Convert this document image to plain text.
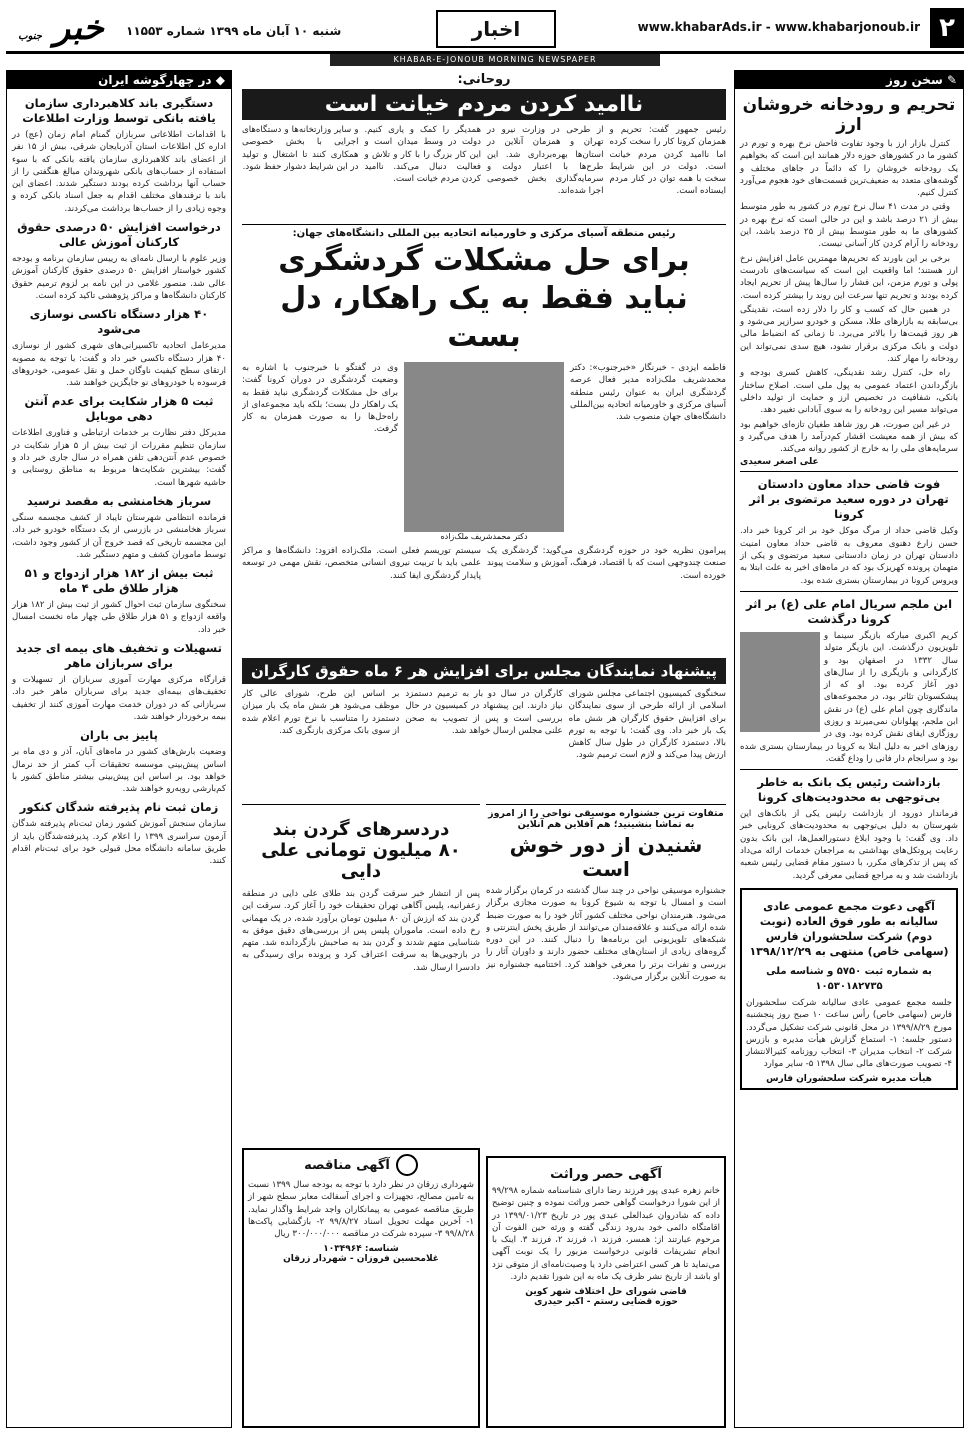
۲
www.khabarAds.ir - www.khabarjonoub.ir
اخبار
شنبه ۱۰ آبان ماه ۱۳۹۹ شماره ۱۱۵۵۳
خبر جنوب
KHABAR-E-JONOUB MORNING NEWSPAPER
✎ سخن روز
تحریم و رودخانه خروشان ارز

کنترل بازار ارز با وجود تفاوت فاحش نرخ بهره و تورم در کشور ما در کشورهای حوزه دلار همانند این است که بخواهیم یک رودخانه خروشان را که دائماً در جاهای مختلف و گوشه‌های متعدد به ضعیف‌ترین قسمت‌های خود هجوم می‌آورد کنترل کنیم.

وقتی در مدت ۴۱ سال نرخ تورم در کشور به طور متوسط بیش از ۲۱ درصد باشد و این در حالی است که نرخ بهره در کشورهای ما به طور متوسط بیش از ۲۵ درصد باشد، این رودخانه را آرام کردن کار آسانی نیست.

برخی بر این باورند که تحریم‌ها مهمترین عامل افزایش نرخ ارز هستند؛ اما واقعیت این است که سیاست‌های نادرست پولی و تورم مزمن، این فشار را سال‌ها پیش از تحریم ایجاد کرده بودند و تحریم تنها سرعت این روند را بیشتر کرده است.

در همین حال که کسب و کار را دلار زده است، نقدینگی بی‌سابقه به بازارهای طلا، مسکن و خودرو سرازیر می‌شود و هر روز قیمت‌ها را بالاتر می‌برد. تا زمانی که انضباط مالی دولت و بانک مرکزی برقرار نشود، هیچ سدی نمی‌تواند این رودخانه را مهار کند.

راه حل، کنترل رشد نقدینگی، کاهش کسری بودجه و بازگرداندن اعتماد عمومی به پول ملی است. اصلاح ساختار بانکی، شفافیت در تخصیص ارز و حمایت از تولید داخلی می‌تواند مسیر این رودخانه را به سوی آبادانی تغییر دهد.

در غیر این صورت، هر روز شاهد طغیان تازه‌ای خواهیم بود که بیش از همه معیشت اقشار کم‌درآمد را هدف می‌گیرد و سرمایه‌های ملی را به خارج از کشور روانه می‌کند.

علی اصغر سعیدی
فوت قاضی حداد معاون دادستان تهران در دوره سعید مرتضوی بر اثر کرونا
وکیل قاضی حداد از مرگ موکل خود بر اثر کرونا خبر داد. حسن زارع دهنوی معروف به قاضی حداد معاون امنیت دادستان تهران در زمان دادستانی سعید مرتضوی و یکی از متهمان پرونده کهریزک بود که در ماه‌های اخیر به علت ابتلا به ویروس کرونا در بیمارستان بستری شده بود.
ابن ملجم سریال امام علی (ع) بر اثر کرونا درگذشت
کریم اکبری مبارکه بازیگر سینما و تلویزیون درگذشت. این بازیگر متولد سال ۱۳۳۲ در اصفهان بود و کارگردانی و بازیگری را از سال‌های دور آغاز کرده بود. او که از پیشکسوتان تئاتر بود، در مجموعه‌های ماندگاری چون امام علی (ع) در نقش ابن ملجم، پهلوانان نمی‌میرند و روزی روزگاری ایفای نقش کرده بود. وی در روزهای اخیر به دلیل ابتلا به کرونا در بیمارستان بستری شده بود و سرانجام دار فانی را وداع گفت.
بازداشت رئیس یک بانک به خاطر بی‌توجهی به محدودیت‌های کرونا
فرماندار دورود از بازداشت رئیس یکی از بانک‌های این شهرستان به دلیل بی‌توجهی به محدودیت‌های کرونایی خبر داد. وی گفت: با وجود ابلاغ دستورالعمل‌ها، این بانک بدون رعایت پروتکل‌های بهداشتی به مراجعان خدمات ارائه می‌داد که پس از تذکرهای مکرر، با دستور مقام قضایی رئیس شعبه بازداشت شد و به مراجع قضایی معرفی گردید.
آگهی دعوت مجمع عمومی عادی سالیانه به طور فوق العاده (نوبت دوم) شرکت سلحشوران فارس (سهامی خاص) منتهی به ۱۳۹۸/۱۲/۲۹
به شماره ثبت ۵۷۵۰ و شناسه ملی ۱۰۵۳۰۱۸۲۷۳۵
جلسه مجمع عمومی عادی سالیانه شرکت سلحشوران فارس (سهامی خاص) رأس ساعت ۱۰ صبح روز پنجشنبه مورخ ۱۳۹۹/۸/۲۹ در محل قانونی شرکت تشکیل می‌گردد. دستور جلسه: ۱- استماع گزارش هیأت مدیره و بازرس شرکت ۲- انتخاب مدیران ۳- انتخاب روزنامه کثیرالانتشار ۴- تصویب صورت‌های مالی سال ۱۳۹۸ ۵- سایر موارد
هیأت مدیره شرکت سلحشوران فارس
روحانی:
ناامید کردن مردم خیانت است
رئیس جمهور گفت: تحریم و همزمان کرونا کار را سخت کرده اما ناامید کردن مردم خیانت است. دولت در این شرایط سخت با همه توان در کنار مردم ایستاده است.
از طرحی در وزارت نیرو در تهران و همزمان آنلاین در استان‌ها بهره‌برداری شد. این طرح‌ها با اعتبار دولت و سرمایه‌گذاری بخش خصوصی اجرا شده‌اند.
همدیگر را کمک و یاری کنیم. دولت در وسط میدان است و این کار بزرگ را با کار و تلاش و فعالیت دنبال می‌کند. ناامید کردن مردم خیانت است.
و سایر وزارتخانه‌ها و دستگاه‌های اجرایی با بخش خصوصی همکاری کنند تا اشتغال و تولید در این شرایط دشوار حفظ شود.
رئیس منطقه آسیای مرکزی و خاورمیانه اتحادیه بین المللی دانشگاه‌های جهان:
برای حل مشکلات گردشگری
نباید فقط به یک راهکار، دل بست
فاطمه ایزدی - خبرنگار «خبرجنوب»: دکتر محمدشریف ملک‌زاده مدیر فعال عرصه گردشگری ایران به عنوان رئیس منطقه آسیای مرکزی و خاورمیانه اتحادیه بین‌المللی دانشگاه‌های جهان منصوب شد.
دکتر محمدشریف ملک‌زاده
وی در گفتگو با خبرجنوب با اشاره به وضعیت گردشگری در دوران کرونا گفت: برای حل مشکلات گردشگری نباید فقط به یک راهکار دل بست؛ بلکه باید مجموعه‌ای از راه‌حل‌ها را به صورت همزمان به کار گرفت.
پیرامون نظریه خود در حوزه گردشگری می‌گوید: گردشگری یک صنعت چندوجهی است که با اقتصاد، فرهنگ، آموزش و سلامت پیوند خورده است.
سیستم توریسم فعلی است. ملک‌زاده افزود: دانشگاه‌ها و مراکز علمی باید با تربیت نیروی انسانی متخصص، نقش مهمی در توسعه پایدار گردشگری ایفا کنند.
پیشنهاد نمایندگان مجلس برای افزایش هر ۶ ماه حقوق کارگران
سخنگوی کمیسیون اجتماعی مجلس شورای اسلامی از ارائه طرحی از سوی نمایندگان برای افزایش حقوق کارگران هر شش ماه یک بار خبر داد. وی گفت: با توجه به تورم بالا، دستمزد کارگران در طول سال کاهش ارزش پیدا می‌کند و لازم است ترمیم شود.
کارگران در سال دو بار به ترمیم دستمزد نیاز دارند. این پیشنهاد در کمیسیون در حال بررسی است و پس از تصویب به صحن علنی مجلس ارسال خواهد شد.
بر اساس این طرح، شورای عالی کار موظف می‌شود هر شش ماه یک بار میزان دستمزد را متناسب با نرخ تورم اعلام شده از سوی بانک مرکزی بازنگری کند.
متفاوت ترین جشنواره موسیقی نواحی را از امروز به تماشا بنشینید؛ هم آفلاین هم آنلاین
شنیدن از دور خوش است
جشنواره موسیقی نواحی در چند سال گذشته در کرمان برگزار شده است و امسال با توجه به شیوع کرونا به صورت مجازی برگزار می‌شود. هنرمندان نواحی مختلف کشور آثار خود را به صورت ضبط شده ارائه می‌کنند و علاقه‌مندان می‌توانند از طریق پخش اینترنتی و شبکه‌های تلویزیونی این برنامه‌ها را دنبال کنند. در این دوره گروه‌های زیادی از استان‌های مختلف حضور دارند و داوران آثار را بررسی و نفرات برتر را معرفی خواهند کرد. اختتامیه جشنواره نیز به صورت آنلاین برگزار می‌شود.
دردسرهای گردن بند
۸۰ میلیون تومانی علی دایی
پس از انتشار خبر سرقت گردن بند طلای علی دایی در منطقه زعفرانیه، پلیس آگاهی تهران تحقیقات خود را آغاز کرد. سرقت این گردن بند که ارزش آن ۸۰ میلیون تومان برآورد شده، در یک مهمانی رخ داده است. ماموران پلیس پس از بررسی‌های دقیق موفق به شناسایی متهم شدند و گردن بند به صاحبش بازگردانده شد. متهم در بازجویی‌ها به سرقت اعتراف کرد و پرونده برای رسیدگی به دادسرا ارسال شد.
آگهی حصر وراثت
خانم زهره عبدی پور فرزند رضا دارای شناسنامه شماره ۹۹/۲۹۸ از این شورا درخواست گواهی حصر وراثت نموده و چنین توضیح داده که شادروان عبدالعلی عبدی پور در تاریخ ۱۳۹۹/۰۱/۲۳ در اقامتگاه دائمی خود بدرود زندگی گفته و ورثه حین الفوت آن مرحوم عبارتند از: همسر، فرزند ۱، فرزند ۲، فرزند ۳. اینک با انجام تشریفات قانونی درخواست مزبور را یک نوبت آگهی می‌نماید تا هر کسی اعتراضی دارد یا وصیت‌نامه‌ای از متوفی نزد او باشد از تاریخ نشر ظرف یک ماه به این شورا تقدیم دارد.
قاضی شورای حل اختلاف شهر کوین
حوزه قضایی رستم - اکبر حیدری
آگهی مناقصه
شهرداری زرقان در نظر دارد با توجه به بودجه سال ۱۳۹۹ نسبت به تامین مصالح، تجهیزات و اجرای آسفالت معابر سطح شهر از طریق مناقصه عمومی به پیمانکاران واجد شرایط واگذار نماید. ۱- آخرین مهلت تحویل اسناد ۹۹/۸/۲۷ ۲- بازگشایی پاکت‌ها ۹۹/۸/۲۸ ۳- سپرده شرکت در مناقصه ۳۰۰/۰۰۰/۰۰۰ ریال
شناسه: ۱۰۳۴۹۶۴
غلامحسین فروزان - شهردار زرقان
◆ در چهارگوشه ایران
دستگیری باند کلاهبرداری سازمان یافته بانکی توسط وزارت اطلاعات
با اقدامات اطلاعاتی سربازان گمنام امام زمان (عج) در اداره کل اطلاعات استان آذربایجان شرقی، بیش از ۱۵ نفر از اعضای باند کلاهبرداری سازمان یافته بانکی که با سوء استفاده از حساب‌های بانکی شهروندان مبالغ هنگفتی را از حساب آنها برداشت کرده بودند دستگیر شدند. اعضای این باند با ترفندهای مختلف اقدام به جعل اسناد بانکی کرده و وجوه زیادی را از حساب‌ها برداشت می‌کردند.
درخواست افزایش ۵۰ درصدی حقوق کارکنان آموزش عالی
وزیر علوم با ارسال نامه‌ای به رییس سازمان برنامه و بودجه کشور خواستار افزایش ۵۰ درصدی حقوق کارکنان آموزش عالی شد. منصور غلامی در این نامه بر لزوم ترمیم حقوق کارکنان دانشگاه‌ها و مراکز پژوهشی تاکید کرده است.
۴۰ هزار دستگاه تاکسی نوسازی می‌شود
مدیرعامل اتحادیه تاکسیرانی‌های شهری کشور از نوسازی ۴۰ هزار دستگاه تاکسی خبر داد و گفت: با توجه به مصوبه ارتقای سطح کیفیت ناوگان حمل و نقل عمومی، خودروهای فرسوده با خودروهای نو جایگزین خواهند شد.
ثبت ۵ هزار شکایت برای عدم آنتن دهی موبایل
مدیرکل دفتر نظارت بر خدمات ارتباطی و فناوری اطلاعات سازمان تنظیم مقررات از ثبت بیش از ۵ هزار شکایت در خصوص عدم آنتن‌دهی تلفن همراه در سال جاری خبر داد و گفت: بیشترین شکایت‌ها مربوط به مناطق روستایی و حاشیه شهرها است.
سرباز هخامنشی به مقصد نرسید
فرمانده انتظامی شهرستان تایباد از کشف مجسمه سنگی سرباز هخامنشی در بازرسی از یک دستگاه خودرو خبر داد. این مجسمه تاریخی که قصد خروج آن از کشور وجود داشت، توسط ماموران کشف و متهم دستگیر شد.
ثبت بیش از ۱۸۲ هزار ازدواج و ۵۱ هزار طلاق طی ۴ ماه
سخنگوی سازمان ثبت احوال کشور از ثبت بیش از ۱۸۲ هزار واقعه ازدواج و ۵۱ هزار طلاق طی چهار ماه نخست امسال خبر داد.
تسهیلات و تخفیف های بیمه ای جدید برای سربازان ماهر
قرارگاه مرکزی مهارت آموزی سربازان از تسهیلات و تخفیف‌های بیمه‌ای جدید برای سربازان ماهر خبر داد. سربازانی که در دوران خدمت مهارت آموزی کنند از تخفیف بیمه برخوردار خواهند شد.
پاییز بی باران
وضعیت بارش‌های کشور در ماه‌های آبان، آذر و دی ماه بر اساس پیش‌بینی موسسه تحقیقات آب کمتر از حد نرمال خواهد بود. بر اساس این پیش‌بینی بیشتر مناطق کشور با کم‌بارشی روبه‌رو خواهند شد.
زمان ثبت نام پذیرفته شدگان کنکور
سازمان سنجش آموزش کشور زمان ثبت‌نام پذیرفته شدگان آزمون سراسری ۱۳۹۹ را اعلام کرد. پذیرفته‌شدگان باید از طریق سامانه دانشگاه محل قبولی خود برای ثبت‌نام اقدام کنند.
